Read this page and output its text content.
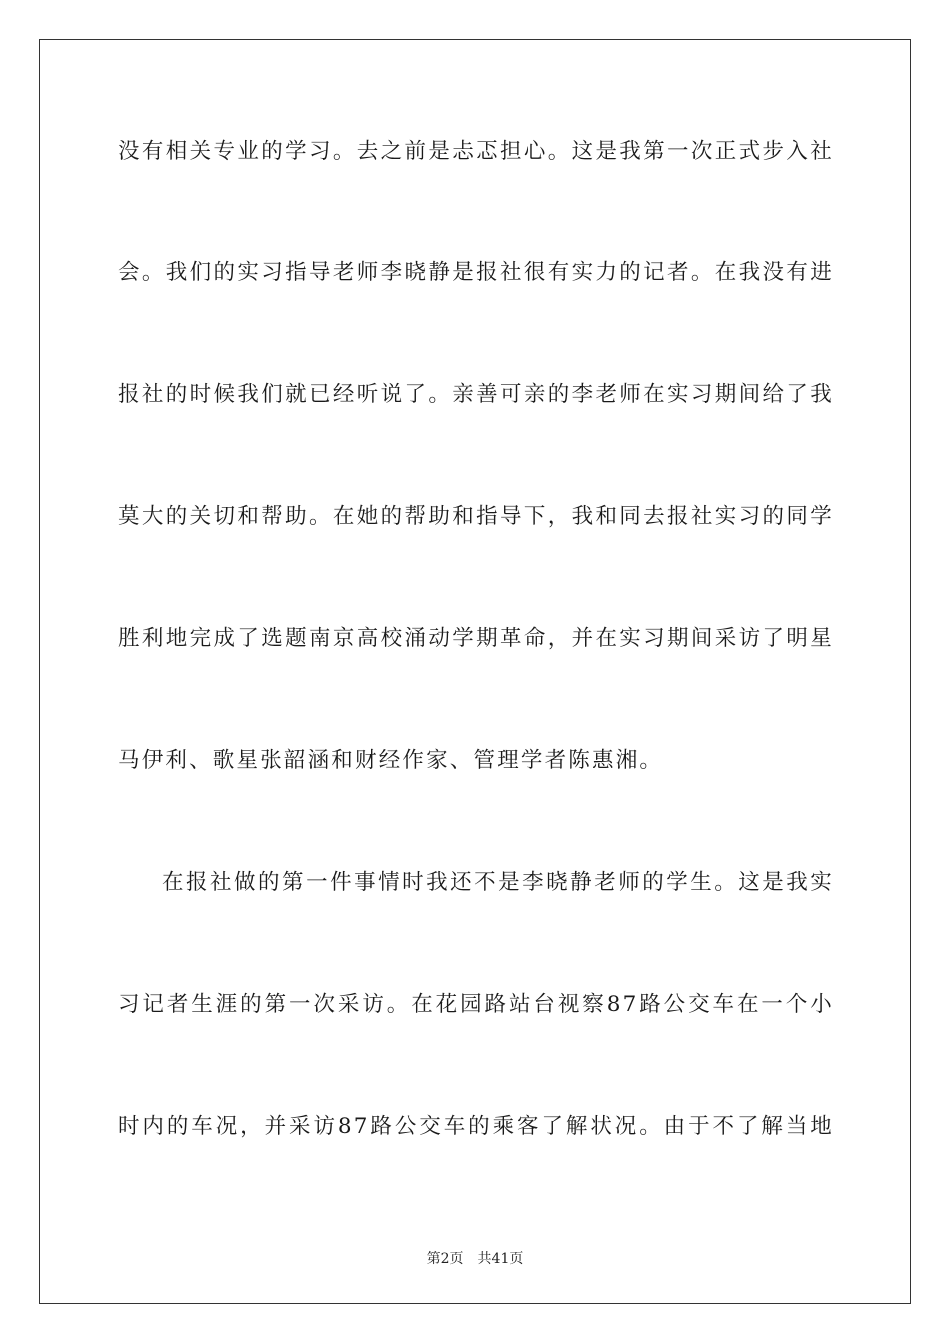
没有相关专业的学习。去之前是忐忑担心。这是我第一次正式步入社
会。我们的实习指导老师李晓静是报社很有实力的记者。在我没有进
报社的时候我们就已经听说了。亲善可亲的李老师在实习期间给了我
莫大的关切和帮助。在她的帮助和指导下，我和同去报社实习的同学
胜利地完成了选题南京高校涌动学期革命，并在实习期间采访了明星
马伊利、歌星张韶涵和财经作家、管理学者陈惠湘。
在报社做的第一件事情时我还不是李晓静老师的学生。这是我实
习记者生涯的第一次采访。在花园路站台视察87路公交车在一个小
时内的车况，并采访87路公交车的乘客了解状况。由于不了解当地
第2页 共41页
